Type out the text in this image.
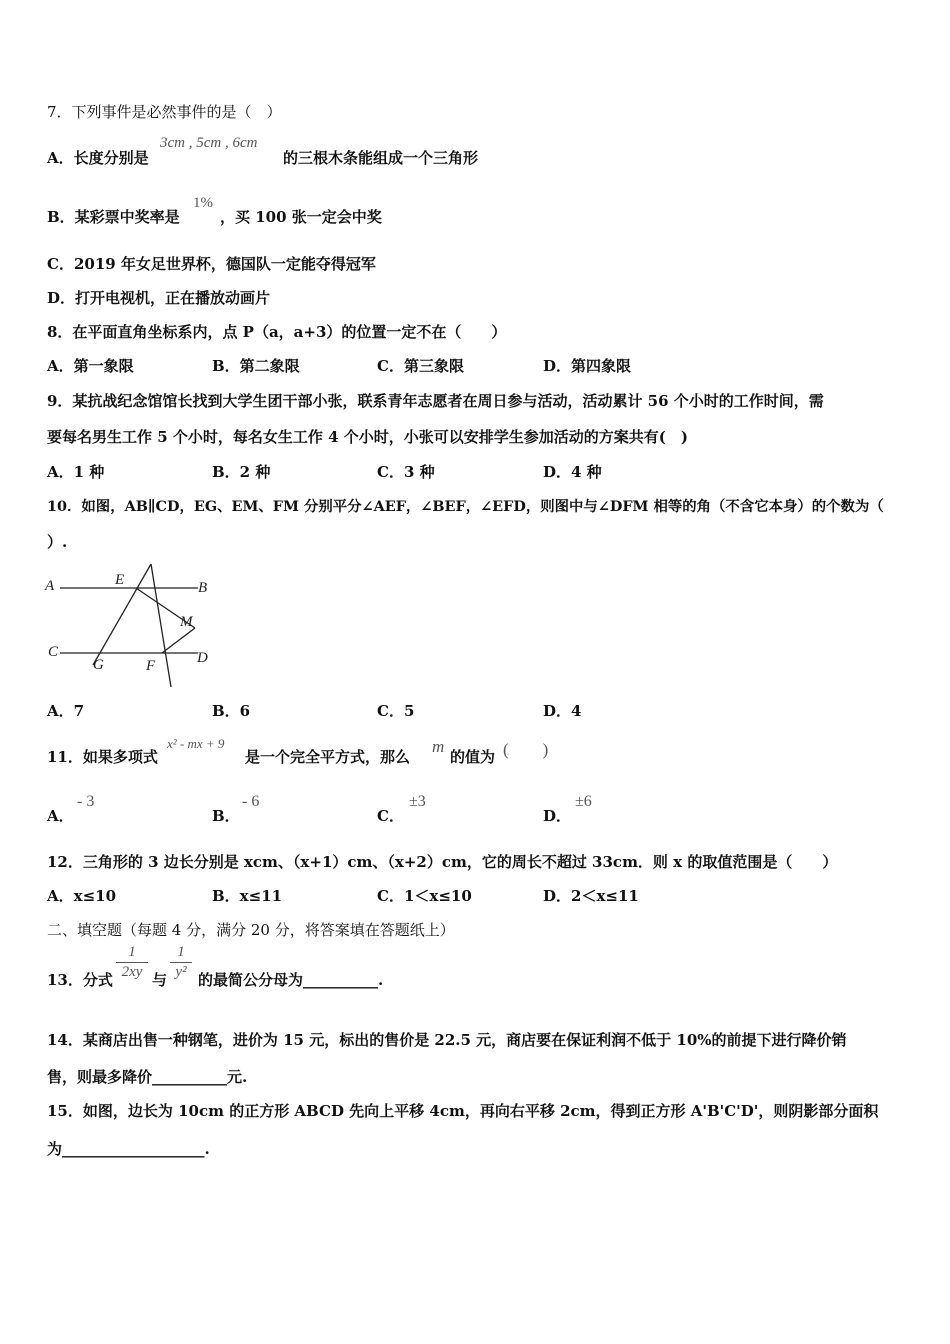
7．下列事件是必然事件的是（　）
A．长度分别是
3cm , 5cm , 6cm
的三根木条能组成一个三角形
B．某彩票中奖率是
1%
，买 100 张一定会中奖
C．2019 年女足世界杯，德国队一定能夺得冠军
D．打开电视机，正在播放动画片
8．在平面直角坐标系内，点 P（a，a+3）的位置一定不在（　　）
A．第一象限	B．第二象限	C．第三象限	D．第四象限
9．某抗战纪念馆馆长找到大学生团干部小张，联系青年志愿者在周日参与活动，活动累计 56 个小时的工作时间，需
要每名男生工作 5 个小时，每名女生工作 4 个小时，小张可以安排学生参加活动的方案共有(　)
A．1 种	B．2 种	C．3 种	D．4 种
10．如图，AB∥CD，EG、EM、FM 分别平分∠AEF，∠BEF，∠EFD，则图中与∠DFM 相等的角（不含它本身）的个数为（
）.
A	B
E
M
C	D
G	F
A．7	B．6	C．5	D．4
11．如果多项式
x² - mx + 9
是一个完全平方式，那么
m
的值为 (　　)
A．
- 3
B．
- 6
C．
±3
D．
±6
12．三角形的 3 边长分别是 xcm、（x+1）cm、（x+2）cm，它的周长不超过 33cm．则 x 的取值范围是（　　）
A．x≤10	B．x≤11	C．1＜x≤10	D．2＜x≤11
二、填空题（每题 4 分，满分 20 分，将答案填在答题纸上）
13．分式
1
2xy 与
1
y² 的最简公分母为__________.
14．某商店出售一种钢笔，进价为 15 元，标出的售价是 22.5 元，商店要在保证利润不低于 10%的前提下进行降价销
售，则最多降价__________元.
15．如图，边长为 10cm 的正方形 ABCD 先向上平移 4cm，再向右平移 2cm，得到正方形 A'B'C'D'，则阴影部分面积
为___________________.
